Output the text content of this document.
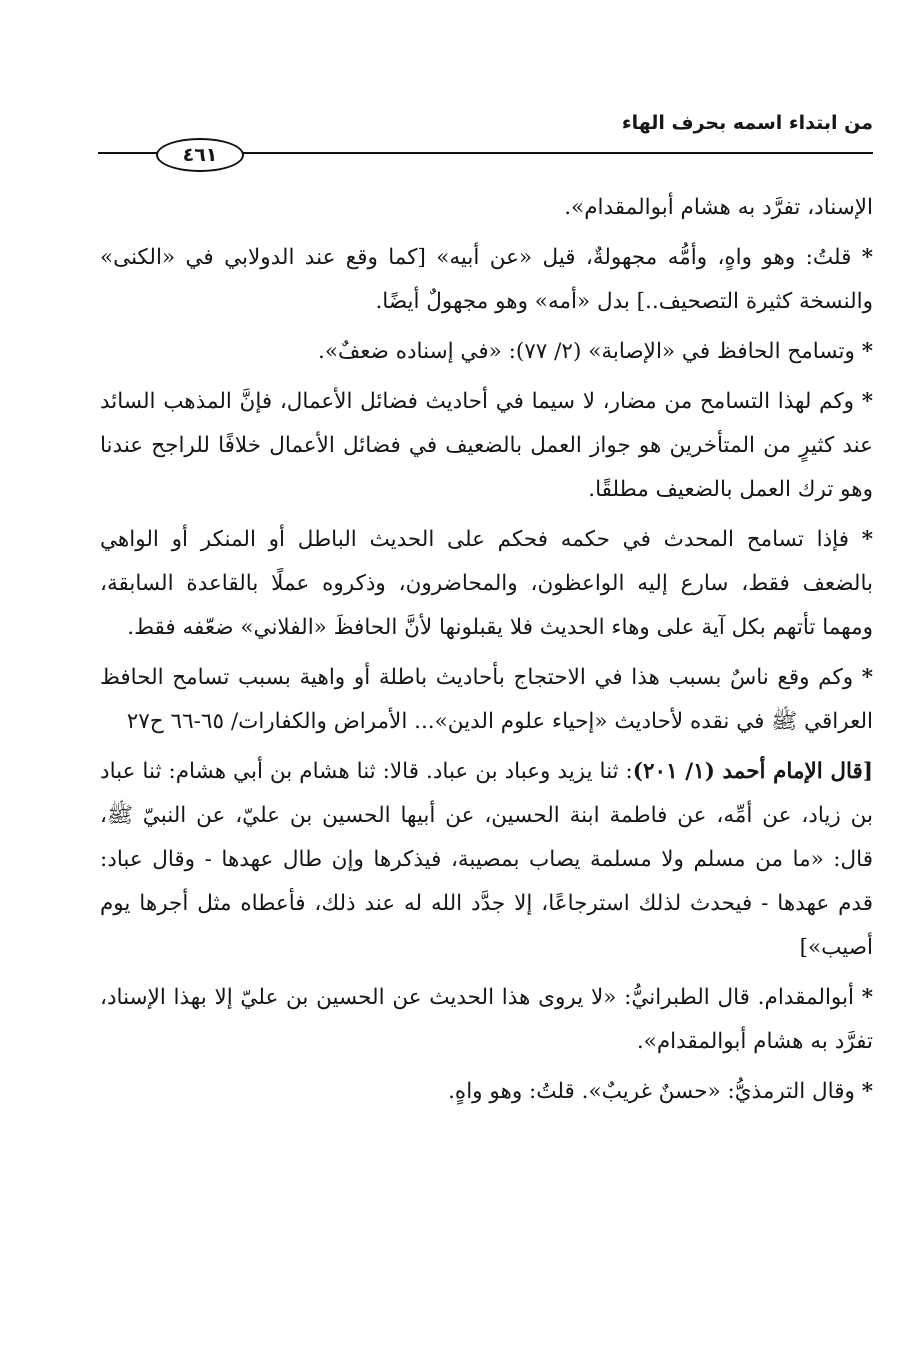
٤٦١
من ابتداء اسمه بحرف الهاء

الإسناد، تفرَّد به هشام أبوالمقدام».

* قلتُ: وهو واهٍ، وأمُّه مجهولةٌ، قيل «عن أبيه» [كما وقع عند الدولابي في «الكنى» والنسخة كثيرة التصحيف..] بدل «أمه» وهو مجهولٌ أيضًا.

* وتسامح الحافظ في «الإصابة» (٢/ ٧٧): «في إسناده ضعفٌ».

* وكم لهذا التسامح من مضار، لا سيما في أحاديث فضائل الأعمال، فإنَّ المذهب السائد عند كثيرٍ من المتأخرين هو جواز العمل بالضعيف في فضائل الأعمال خلافًا للراجح عندنا وهو ترك العمل بالضعيف مطلقًا.

* فإذا تسامح المحدث في حكمه فحكم على الحديث الباطل أو المنكر أو الواهي بالضعف فقط، سارع إليه الواعظون، والمحاضرون، وذكروه عملًا بالقاعدة السابقة، ومهما تأتهم بكل آية على وهاء الحديث فلا يقبلونها لأنَّ الحافظَ «الفلاني» ضعّفه فقط.

* وكم وقع ناسٌ بسبب هذا في الاحتجاج بأحاديث باطلة أو واهية بسبب تسامح الحافظ العراقي ﷺ في نقده لأحاديث «إحياء علوم الدين»... الأمراض والكفارات/ ٦٥-٦٦ ح٢٧

[قال الإمام أحمد (١/ ٢٠١): ثنا يزيد وعباد بن عباد. قالا: ثنا هشام بن أبي هشام: ثنا عباد بن زياد، عن أمِّه، عن فاطمة ابنة الحسين، عن أبيها الحسين بن عليّ، عن النبيّ ﷺ، قال: «ما من مسلم ولا مسلمة يصاب بمصيبة، فيذكرها وإن طال عهدها - وقال عباد: قدم عهدها - فيحدث لذلك استرجاعًا، إلا جدَّد الله له عند ذلك، فأعطاه مثل أجرها يوم أصيب»]

* أبوالمقدام. قال الطبرانيُّ: «لا يروى هذا الحديث عن الحسين بن عليّ إلا بهذا الإسناد، تفرَّد به هشام أبوالمقدام».

* وقال الترمذيُّ: «حسنٌ غريبٌ». قلتُ: وهو واهٍ.
